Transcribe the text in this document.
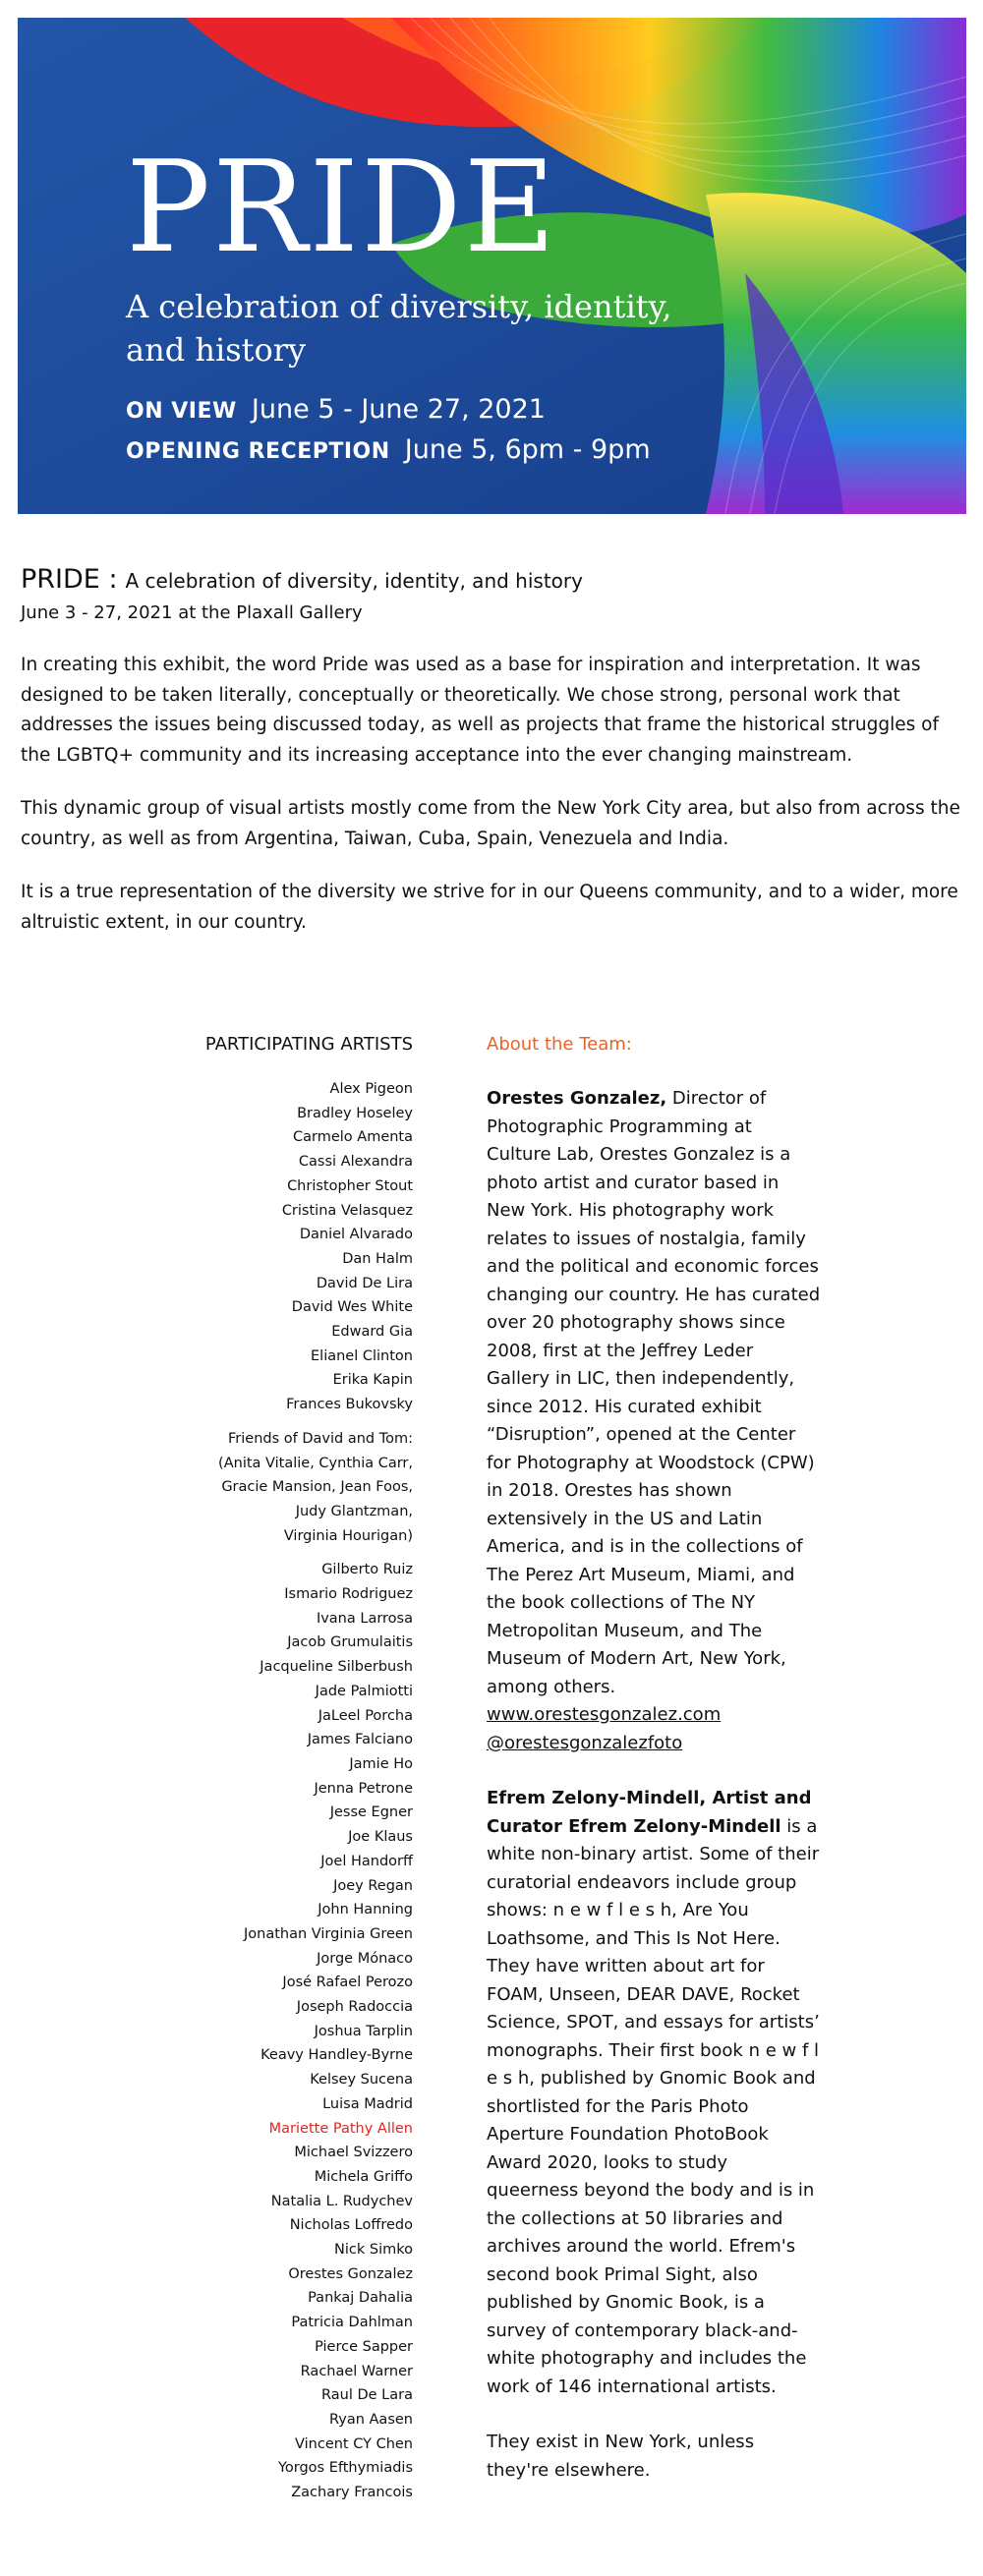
PRIDE

A celebration of diversity, identity, and history

ON VIEW June 5 - June 27, 2021
OPENING RECEPTION June 5, 6pm - 9pm
PRIDE : A celebration of diversity, identity, and history

June 3 - 27, 2021 at the Plaxall Gallery

In creating this exhibit, the word Pride was used as a base for inspiration and interpretation. It was designed to be taken literally, conceptually or theoretically. We chose strong, personal work that addresses the issues being discussed today, as well as projects that frame the historical struggles of the LGBTQ+ community and its increasing acceptance into the ever changing mainstream.

This dynamic group of visual artists mostly come from the New York City area, but also from across the country, as well as from Argentina, Taiwan, Cuba, Spain, Venezuela and India.

It is a true representation of the diversity we strive for in our Queens community, and to a wider, more altruistic extent, in our country.

PARTICIPATING ARTISTS
Alex Pigeon
Bradley Hoseley
Carmelo Amenta
Cassi Alexandra
Christopher Stout
Cristina Velasquez
Daniel Alvarado
Dan Halm
David De Lira
David Wes White
Edward Gia
Elianel Clinton
Erika Kapin
Frances Bukovsky
Friends of David and Tom:
(Anita Vitalie, Cynthia Carr,
Gracie Mansion, Jean Foos,
Judy Glantzman,
Virginia Hourigan)
Gilberto Ruiz
Ismario Rodriguez
Ivana Larrosa
Jacob Grumulaitis
Jacqueline Silberbush
Jade Palmiotti
JaLeel Porcha
James Falciano
Jamie Ho
Jenna Petrone
Jesse Egner
Joe Klaus
Joel Handorff
Joey Regan
John Hanning
Jonathan Virginia Green
Jorge Mónaco
José Rafael Perozo
Joseph Radoccia
Joshua Tarplin
Keavy Handley-Byrne
Kelsey Sucena
Luisa Madrid
Mariette Pathy Allen
Michael Svizzero
Michela Griffo
Natalia L. Rudychev
Nicholas Loffredo
Nick Simko
Orestes Gonzalez
Pankaj Dahalia
Patricia Dahlman
Pierce Sapper
Rachael Warner
Raul De Lara
Ryan Aasen
Vincent CY Chen
Yorgos Efthymiadis
Zachary Francois
About the Team:

Orestes Gonzalez, Director of Photographic Programming at Culture Lab, Orestes Gonzalez is a photo artist and curator based in New York. His photography work relates to issues of nostalgia, family and the political and economic forces changing our country. He has curated over 20 photography shows since 2008, first at the Jeffrey Leder Gallery in LIC, then independently, since 2012. His curated exhibit “Disruption”, opened at the Center for Photography at Woodstock (CPW) in 2018. Orestes has shown extensively in the US and Latin America, and is in the collections of The Perez Art Museum, Miami, and the book collections of The NY Metropolitan Museum, and The Museum of Modern Art, New York, among others.
www.orestesgonzalez.com
@orestesgonzalezfoto

Efrem Zelony-Mindell, Artist and Curator Efrem Zelony-Mindell is a white non-binary artist. Some of their curatorial endeavors include group shows: n e w f l e s h, Are You Loathsome, and This Is Not Here. They have written about art for FOAM, Unseen, DEAR DAVE, Rocket Science, SPOT, and essays for artists’ monographs. Their first book n e w f l e s h, published by Gnomic Book and shortlisted for the Paris Photo Aperture Foundation PhotoBook Award 2020, looks to study queerness beyond the body and is in the collections at 50 libraries and archives around the world. Efrem's second book Primal Sight, also published by Gnomic Book, is a survey of contemporary black-and-white photography and includes the work of 146 international artists.

They exist in New York, unless they're elsewhere.
